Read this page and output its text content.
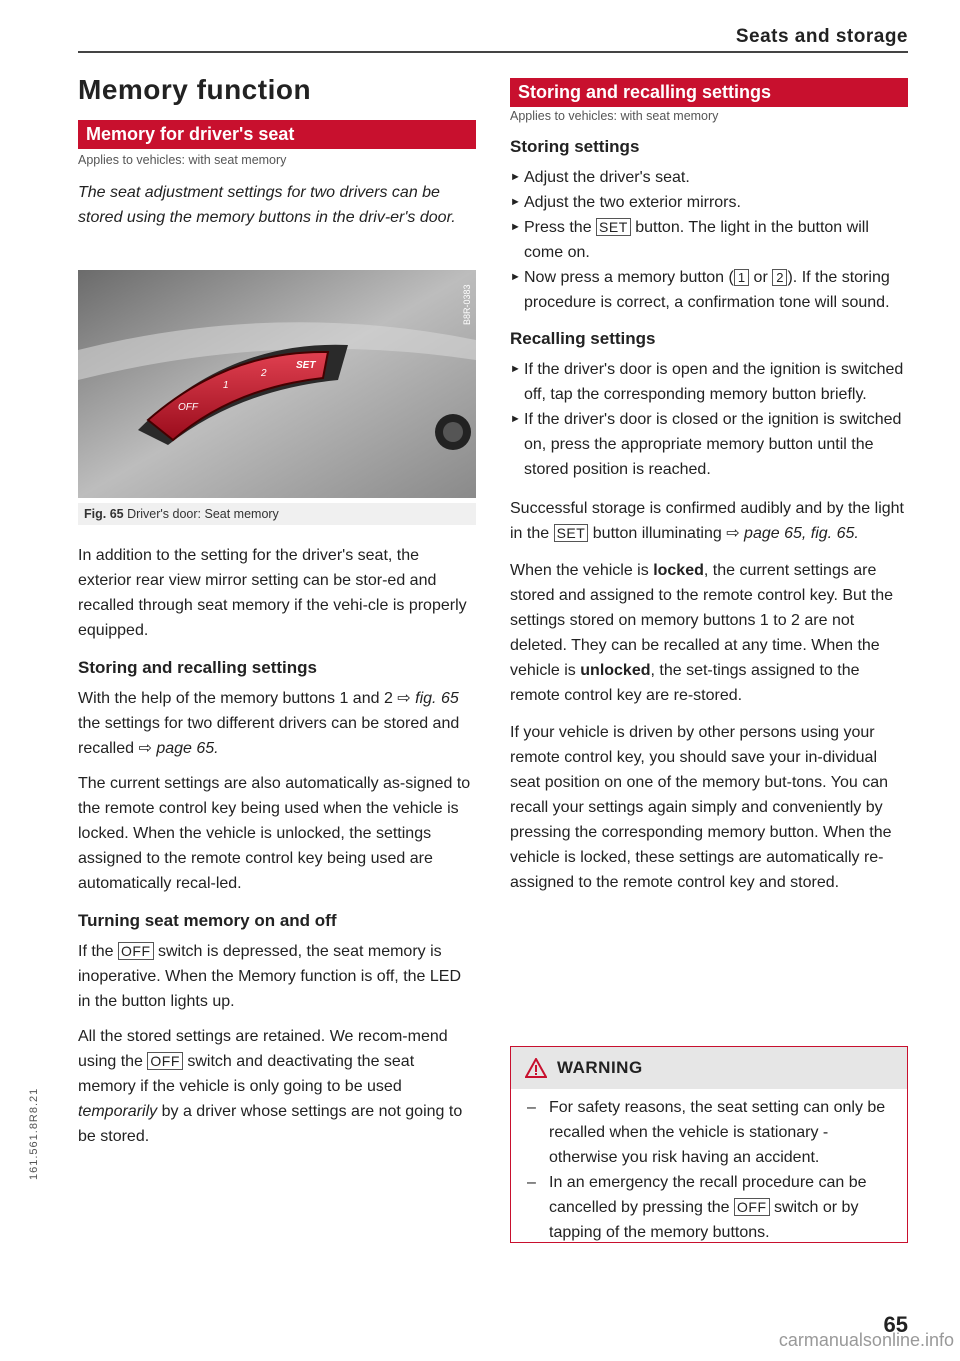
Seats and storage
Memory function
Memory for driver's seat
Applies to vehicles: with seat memory

The seat adjustment settings for two drivers can be stored using the memory buttons in the driv-er's door.

OFF
1
2
SET
B8R-0383
Fig. 65 Driver's door: Seat memory

In addition to the setting for the driver's seat, the exterior rear view mirror setting can be stor-ed and recalled through seat memory if the vehi-cle is properly equipped.

Storing and recalling settings

With the help of the memory buttons 1 and 2 ⇨ fig. 65 the settings for two different drivers can be stored and recalled ⇨ page 65.

The current settings are also automatically as-signed to the remote control key being used when the vehicle is locked. When the vehicle is unlocked, the settings assigned to the remote control key being used are automatically recal-led.

Turning seat memory on and off

If the OFF switch is depressed, the seat memory is inoperative. When the Memory function is off, the LED in the button lights up.

All the stored settings are retained. We recom-mend using the OFF switch and deactivating the seat memory if the vehicle is only going to be used temporarily by a driver whose settings are not going to be stored.

Storing and recalling settings
Applies to vehicles: with seat memory
Storing settings
► Adjust the driver's seat.
► Adjust the two exterior mirrors.
► Press the SET button. The light in the button will come on.
► Now press a memory button ( 1 or 2 ). If the storing procedure is correct, a confirmation tone will sound.
Recalling settings
► If the driver's door is open and the ignition is switched off, tap the corresponding memory button briefly.
► If the driver's door is closed or the ignition is switched on, press the appropriate memory button until the stored position is reached.

Successful storage is confirmed audibly and by the light in the SET button illuminating ⇨ page 65, fig. 65.

When the vehicle is locked, the current settings are stored and assigned to the remote control key. But the settings stored on memory buttons 1 to 2 are not deleted. They can be recalled at any time. When the vehicle is unlocked, the set-tings assigned to the remote control key are re-stored.

If your vehicle is driven by other persons using your remote control key, you should save your in-dividual seat position on one of the memory but-tons. You can recall your settings again simply and conveniently by pressing the corresponding memory button. When the vehicle is locked, these settings are automatically re-assigned to the remote control key and stored.

WARNING
– For safety reasons, the seat setting can only be recalled when the vehicle is stationary - otherwise you risk having an accident.
– In an emergency the recall procedure can be cancelled by pressing the OFF switch or by tapping of the memory buttons.
65
161.561.8R8.21
carmanualsonline.info
